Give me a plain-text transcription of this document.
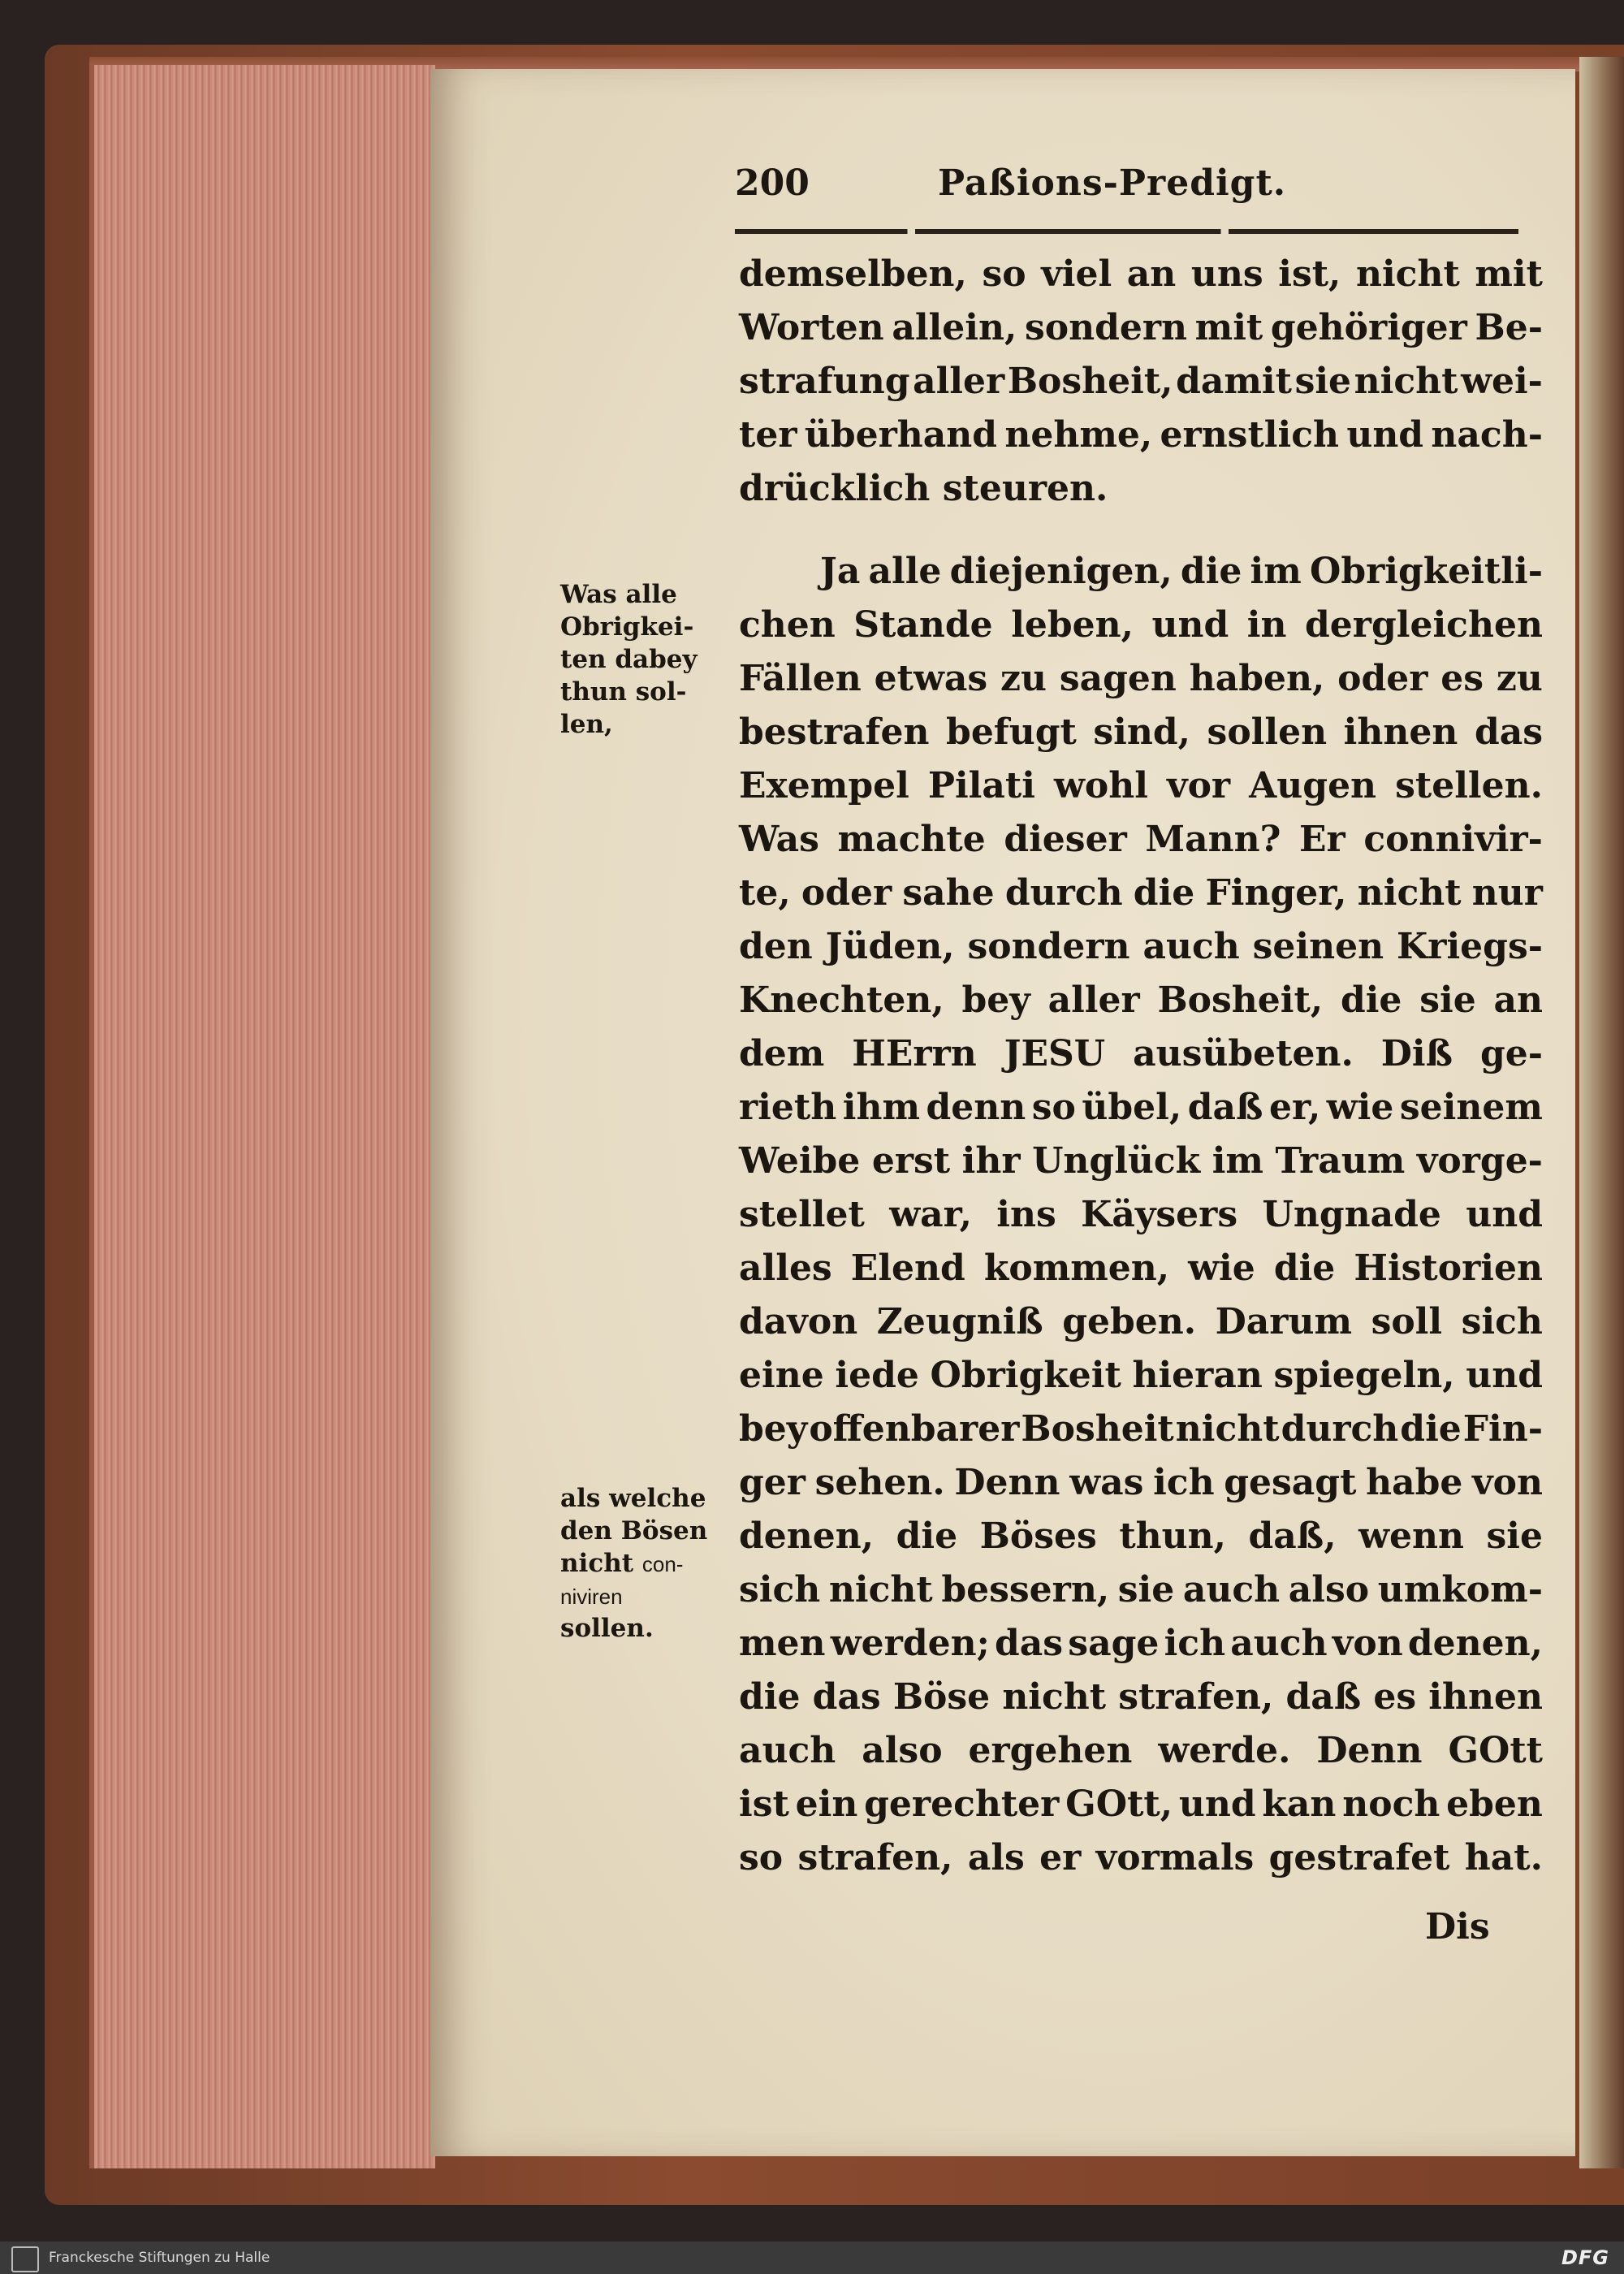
200	Paßions-Predigt.
demselben, so viel an uns ist, nicht mit
Worten allein, sondern mit gehöriger Be-
strafung aller Bosheit, damit sie nicht wei-
ter überhand nehme, ernstlich und nach-
drücklich steuren.
Ja alle diejenigen, die im Obrigkeitli-
chen Stande leben, und in dergleichen
Fällen etwas zu sagen haben, oder es zu
bestrafen befugt sind, sollen ihnen das
Exempel Pilati wohl vor Augen stellen.
Was machte dieser Mann? Er connivir-
te, oder sahe durch die Finger, nicht nur
den Jüden, sondern auch seinen Kriegs-
Knechten, bey aller Bosheit, die sie an
dem HErrn JESU ausübeten. Diß ge-
rieth ihm denn so übel, daß er, wie seinem
Weibe erst ihr Unglück im Traum vorge-
stellet war, ins Käysers Ungnade und
alles Elend kommen, wie die Historien
davon Zeugniß geben. Darum soll sich
eine iede Obrigkeit hieran spiegeln, und
bey offenbarer Bosheit nicht durch die Fin-
ger sehen. Denn was ich gesagt habe von
denen, die Böses thun, daß, wenn sie
sich nicht bessern, sie auch also umkom-
men werden; das sage ich auch von denen,
die das Böse nicht strafen, daß es ihnen
auch also ergehen werde. Denn GOtt
ist ein gerechter GOtt, und kan noch eben
so strafen, als er vormals gestrafet hat.
Dis
Was alle
Obrigkei-
ten dabey
thun sol-
len,
als welche
den Bösen
nicht con-
niviren
sollen.
Franckesche Stiftungen zu Halle	DFG
